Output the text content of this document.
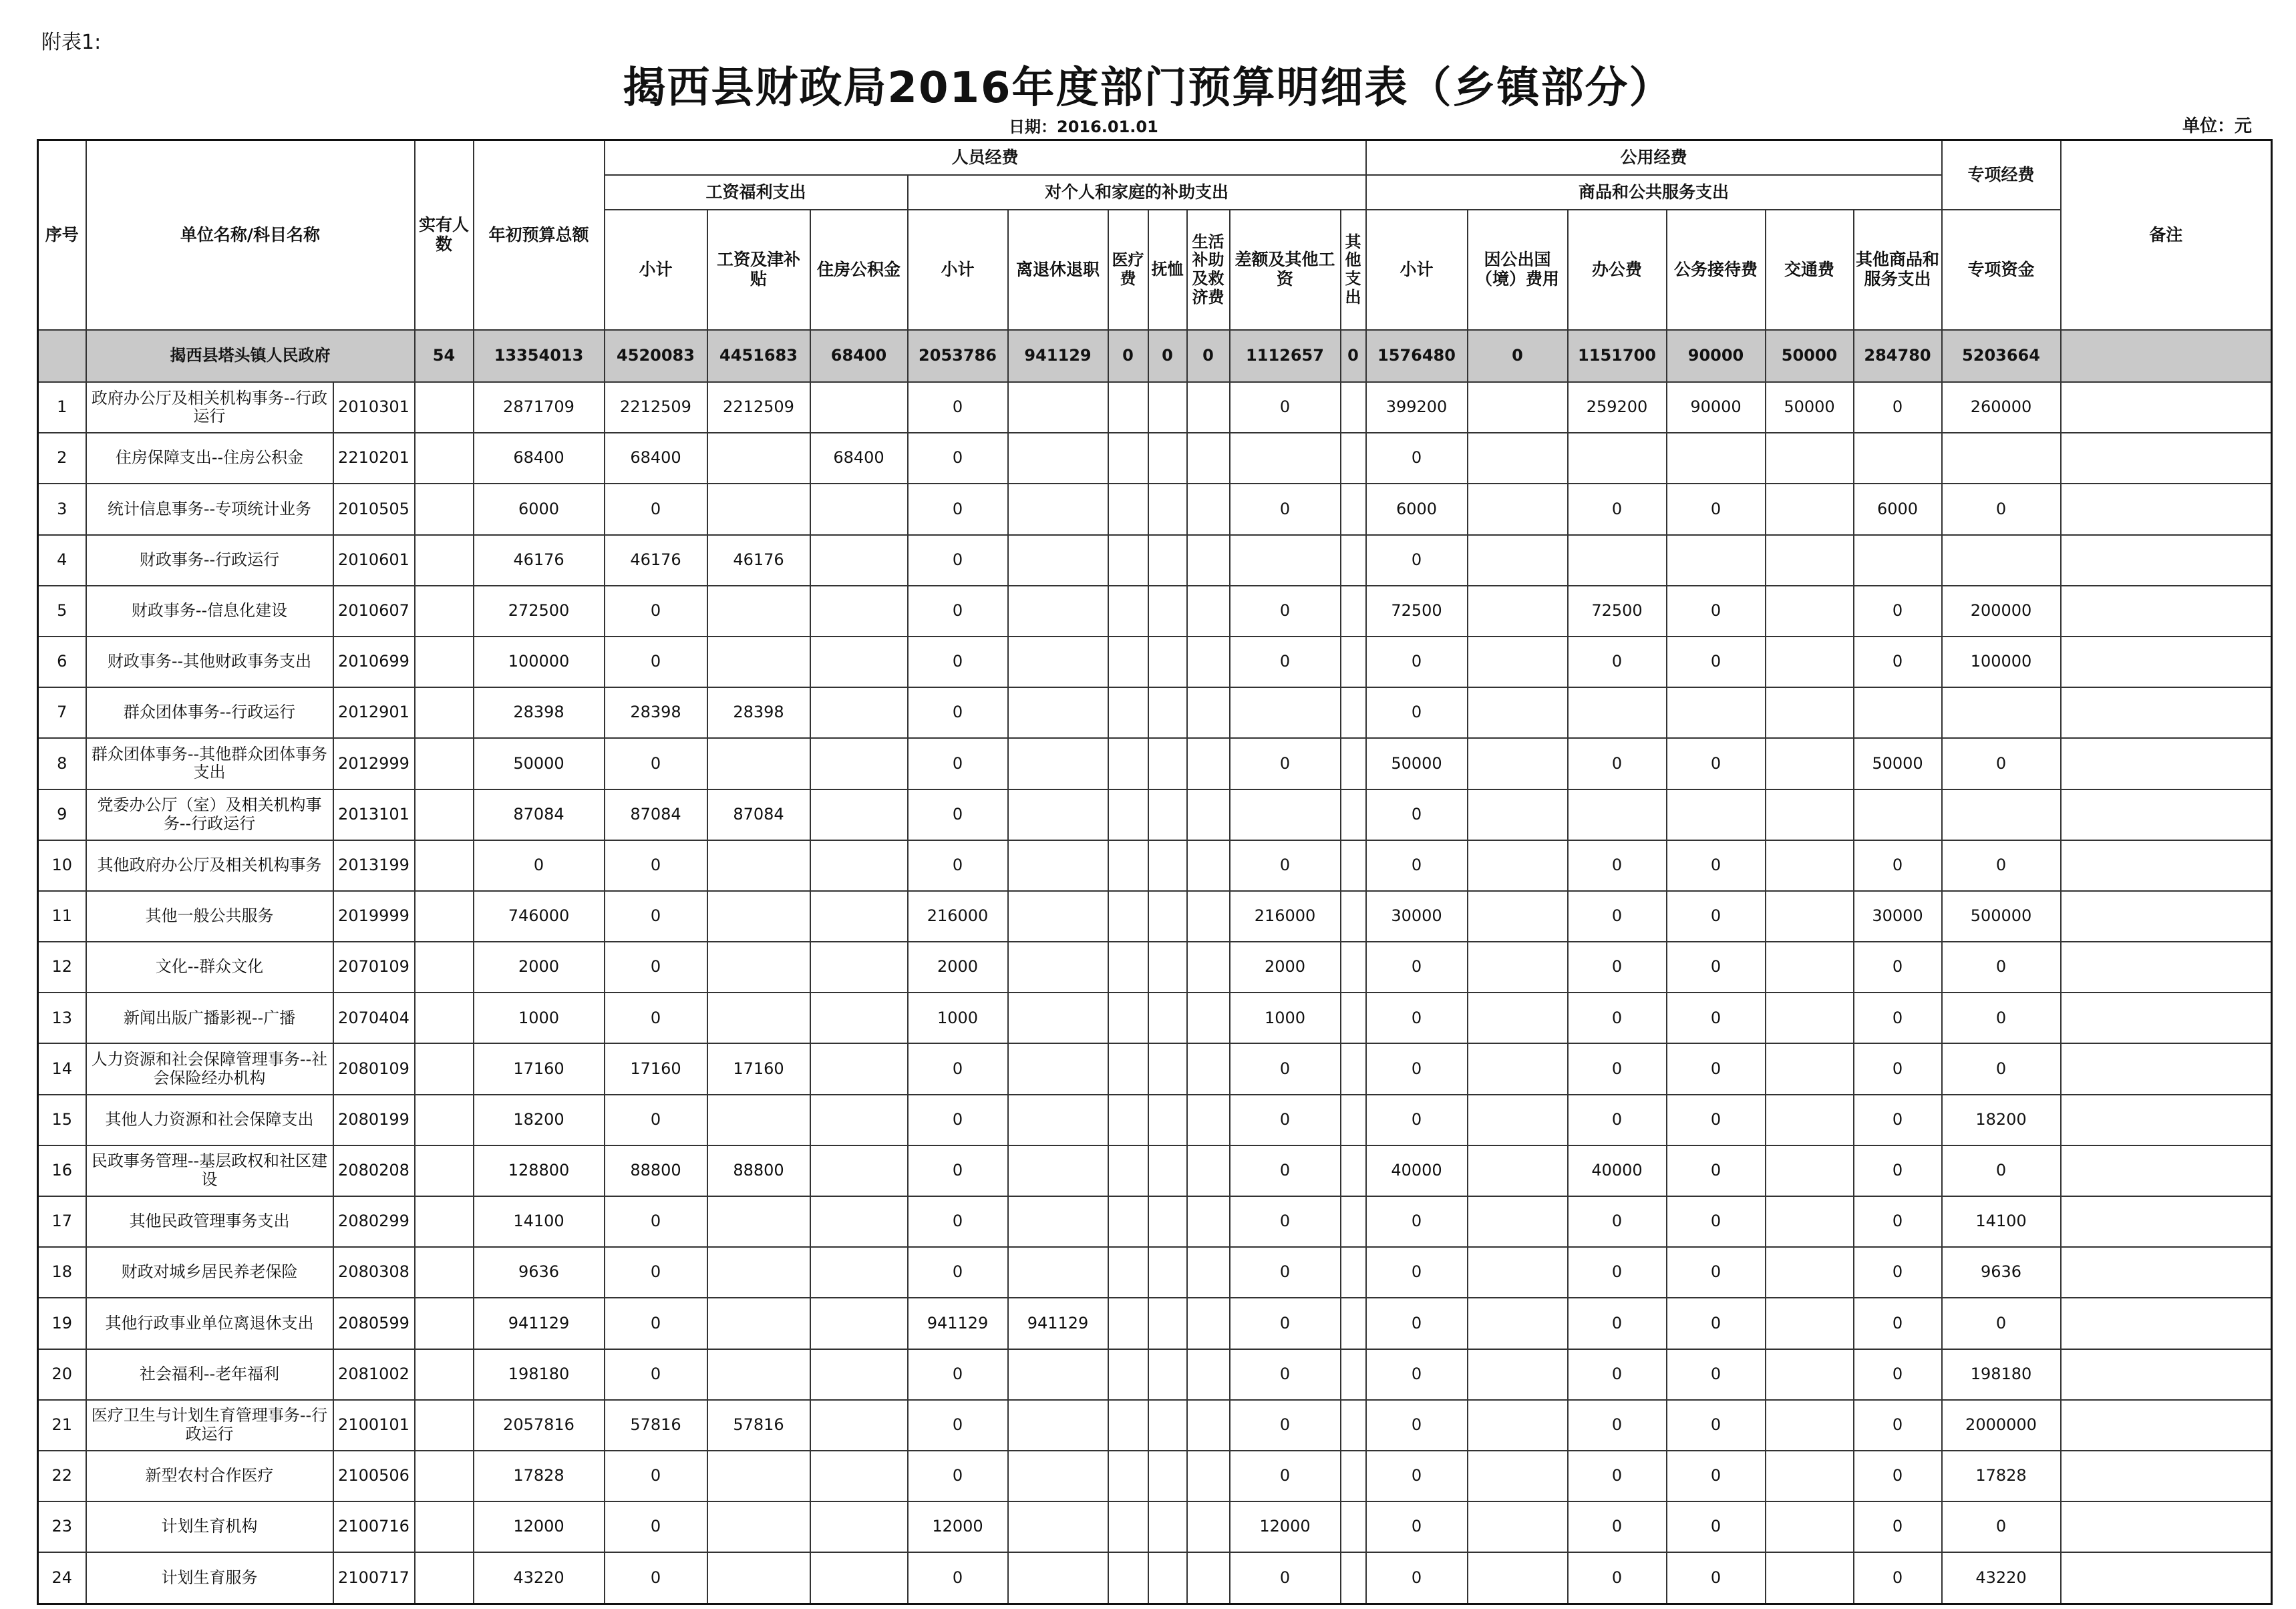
附表1:
揭西县财政局2016年度部门预算明细表（乡镇部分）
日期：2016.01.01	单位：元
序号	单位名称/科目名称		实有人数	年初预算总额	人员经费										公用经费						专项经费	备注
					工资福利支出			对个人和家庭的补助支出							商品和公共服务支出							
					小计	工资及津补贴	住房公积金	小计	离退休退职	医疗费	抚恤	生活补助及救济费	差额及其他工资	其他支出	小计	因公出国（境）费用	办公费	公务接待费	交通费	其他商品和服务支出	专项资金	
	揭西县塔头镇人民政府		54	13354013	4520083	4451683	68400	2053786	941129	0	0	0	1112657	0	1576480	0	1151700	90000	50000	284780	5203664	
1	政府办公厅及相关机构事务--行政运行	2010301		2871709	2212509	2212509		0					0		399200		259200	90000	50000	0	260000	
2	住房保障支出--住房公积金	2210201		68400	68400		68400	0							0							
3	统计信息事务--专项统计业务	2010505		6000	0			0					0		6000		0	0		6000	0	
4	财政事务--行政运行	2010601		46176	46176	46176		0							0							
5	财政事务--信息化建设	2010607		272500	0			0					0		72500		72500	0		0	200000	
6	财政事务--其他财政事务支出	2010699		100000	0			0					0		0		0	0		0	100000	
7	群众团体事务--行政运行	2012901		28398	28398	28398		0							0							
8	群众团体事务--其他群众团体事务支出	2012999		50000	0			0					0		50000		0	0		50000	0	
9	党委办公厅（室）及相关机构事务--行政运行	2013101		87084	87084	87084		0							0							
10	其他政府办公厅及相关机构事务	2013199		0	0			0					0		0		0	0		0	0	
11	其他一般公共服务	2019999		746000	0			216000					216000		30000		0	0		30000	500000	
12	文化--群众文化	2070109		2000	0			2000					2000		0		0	0		0	0	
13	新闻出版广播影视--广播	2070404		1000	0			1000					1000		0		0	0		0	0	
14	人力资源和社会保障管理事务--社会保险经办机构	2080109		17160	17160	17160		0					0		0		0	0		0	0	
15	其他人力资源和社会保障支出	2080199		18200	0			0					0		0		0	0		0	18200	
16	民政事务管理--基层政权和社区建设	2080208		128800	88800	88800		0					0		40000		40000	0		0	0	
17	其他民政管理事务支出	2080299		14100	0			0					0		0		0	0		0	14100	
18	财政对城乡居民养老保险	2080308		9636	0			0					0		0		0	0		0	9636	
19	其他行政事业单位离退休支出	2080599		941129	0			941129	941129				0		0		0	0		0	0	
20	社会福利--老年福利	2081002		198180	0			0					0		0		0	0		0	198180	
21	医疗卫生与计划生育管理事务--行政运行	2100101		2057816	57816	57816		0					0		0		0	0		0	2000000	
22	新型农村合作医疗	2100506		17828	0			0					0		0		0	0		0	17828	
23	计划生育机构	2100716		12000	0			12000					12000		0		0	0		0	0	
24	计划生育服务	2100717		43220	0			0					0		0		0	0		0	43220	
